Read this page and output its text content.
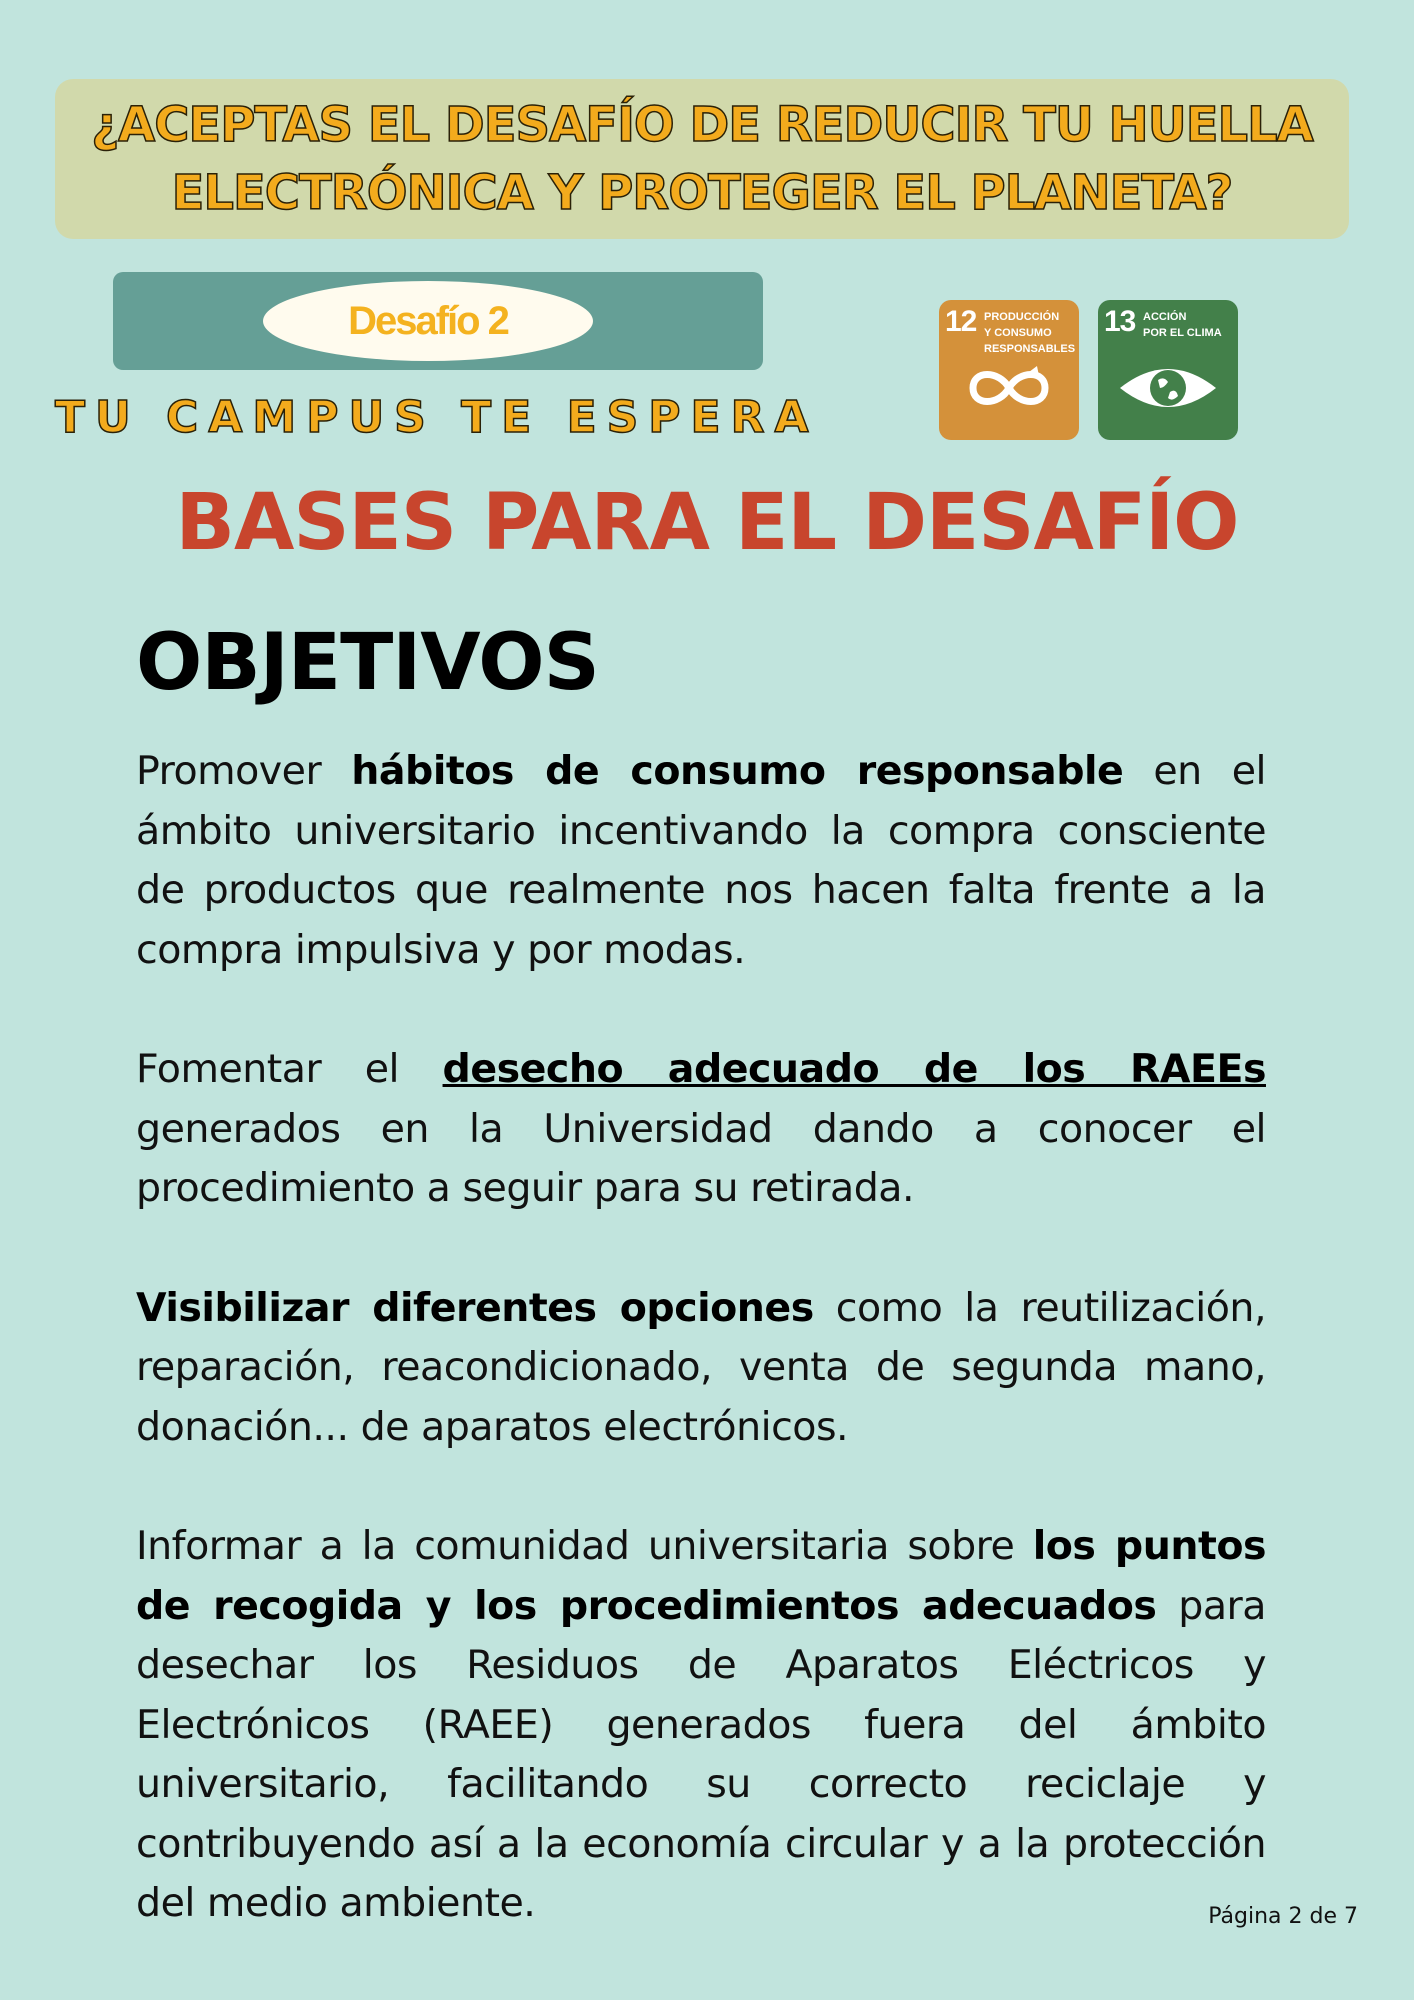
¿ACEPTAS EL DESAFÍO DE REDUCIR TU HUELLA
ELECTRÓNICA Y PROTEGER EL PLANETA?
Desafío 2
TU CAMPUS TE ESPERA
12 PRODUCCIÓN
Y CONSUMO
RESPONSABLES
13 ACCIÓN
POR EL CLIMA
BASES PARA EL DESAFÍO
OBJETIVOS

Promover hábitos de consumo responsable en el ámbito universitario incentivando la compra consciente de productos que realmente nos hacen falta frente a la compra impulsiva y por modas.

Fomentar el desecho adecuado de los RAEEs generados en la Universidad dando a conocer el procedimiento a seguir para su retirada.

Visibilizar diferentes opciones como la reutilización, reparación, reacondicionado, venta de segunda mano, donación... de aparatos electrónicos.

Informar a la comunidad universitaria sobre los puntos de recogida y los procedimientos adecuados para desechar los Residuos de Aparatos Eléctricos y Electrónicos (RAEE) generados fuera del ámbito universitario, facilitando su correcto reciclaje y contribuyendo así a la economía circular y a la protección del medio ambiente.	Página 2 de 7
